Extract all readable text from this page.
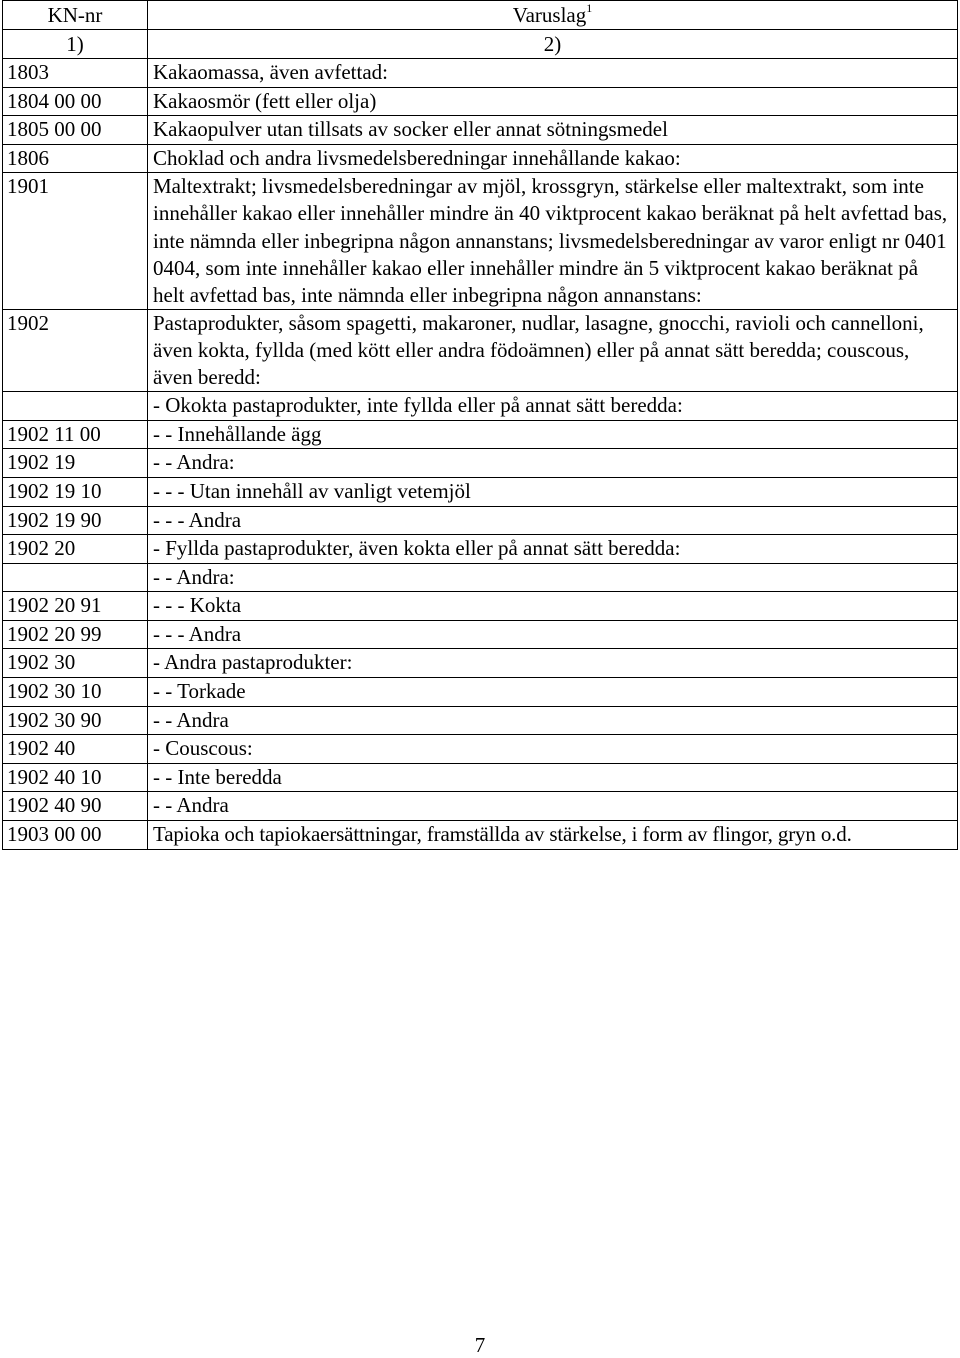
KN-nr	Varuslag$^1$
1)	2)
1803	Kakaomassa, även avfettad:
1804 00 00	Kakaosmör (fett eller olja)
1805 00 00	Kakaopulver utan tillsats av socker eller annat sötningsmedel
1806	Choklad och andra livsmedelsberedningar innehållande kakao:
1901	Maltextrakt; livsmedelsberedningar av mjöl, krossgryn, stärkelse eller maltextrakt, som inte innehåller kakao eller innehåller mindre än 40 viktprocent kakao beräknat på helt avfettad bas, inte nämnda eller inbegripna någon annanstans; livsmedelsberedningar av varor enligt nr 0401 0404, som inte innehåller kakao eller innehåller mindre än 5 viktprocent kakao beräknat på helt avfettad bas, inte nämnda eller inbegripna någon annanstans:
1902	Pastaprodukter, såsom spagetti, makaroner, nudlar, lasagne, gnocchi, ravioli och cannelloni, även kokta, fyllda (med kött eller andra födoämnen) eller på annat sätt beredda; couscous, även beredd:
	- Okokta pastaprodukter, inte fyllda eller på annat sätt beredda:
1902 11 00	- - Innehållande ägg
1902 19	- - Andra:
1902 19 10	- - - Utan innehåll av vanligt vetemjöl
1902 19 90	- - - Andra
1902 20	- Fyllda pastaprodukter, även kokta eller på annat sätt beredda:
	- - Andra:
1902 20 91	- - - Kokta
1902 20 99	- - - Andra
1902 30	- Andra pastaprodukter:
1902 30 10	- - Torkade
1902 30 90	- - Andra
1902 40	- Couscous:
1902 40 10	- - Inte beredda
1902 40 90	- - Andra
1903 00 00	Tapioka och tapiokaersättningar, framställda av stärkelse, i form av flingor, gryn o.d.
7
